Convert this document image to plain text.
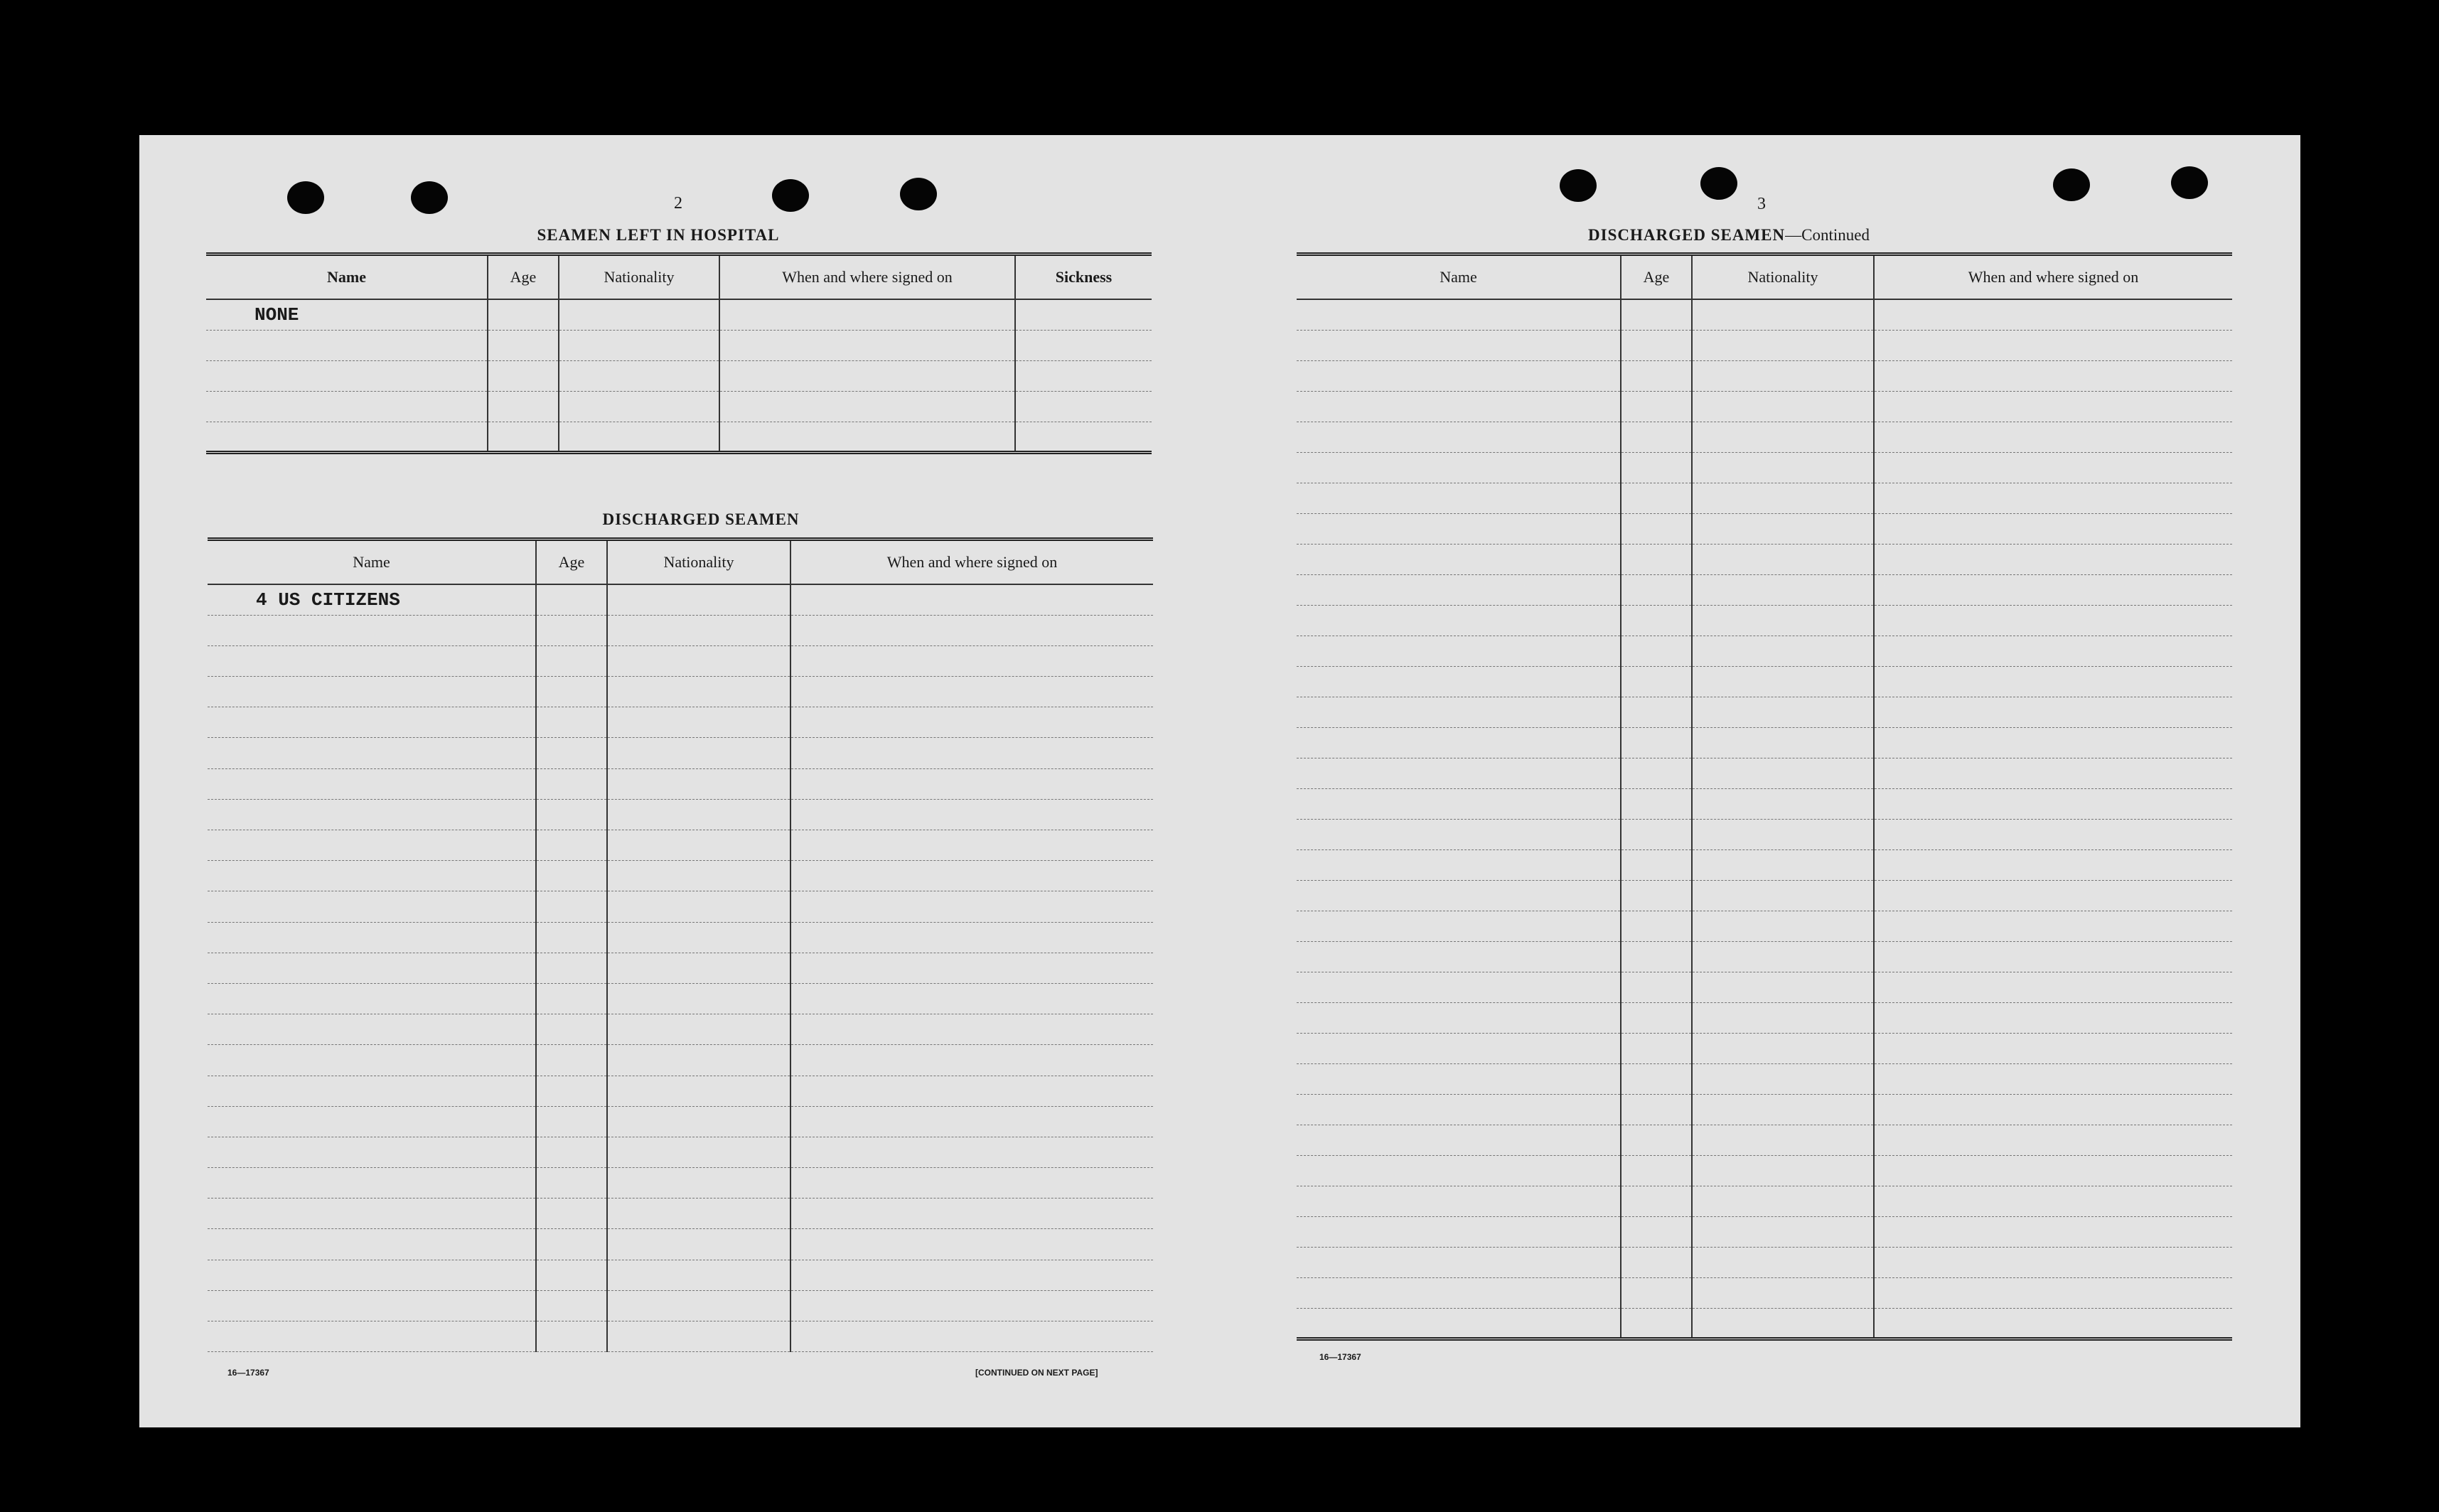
2
SEAMEN LEFT IN HOSPITAL
Name	Age	Nationality	When and where signed on	Sickness
NONE				

DISCHARGED SEAMEN
Name	Age	Nationality	When and where signed on
4 US CITIZENS			

16—17367	[CONTINUED ON NEXT PAGE]
3
DISCHARGED SEAMEN—Continued
Name	Age	Nationality	When and where signed on

16—17367
